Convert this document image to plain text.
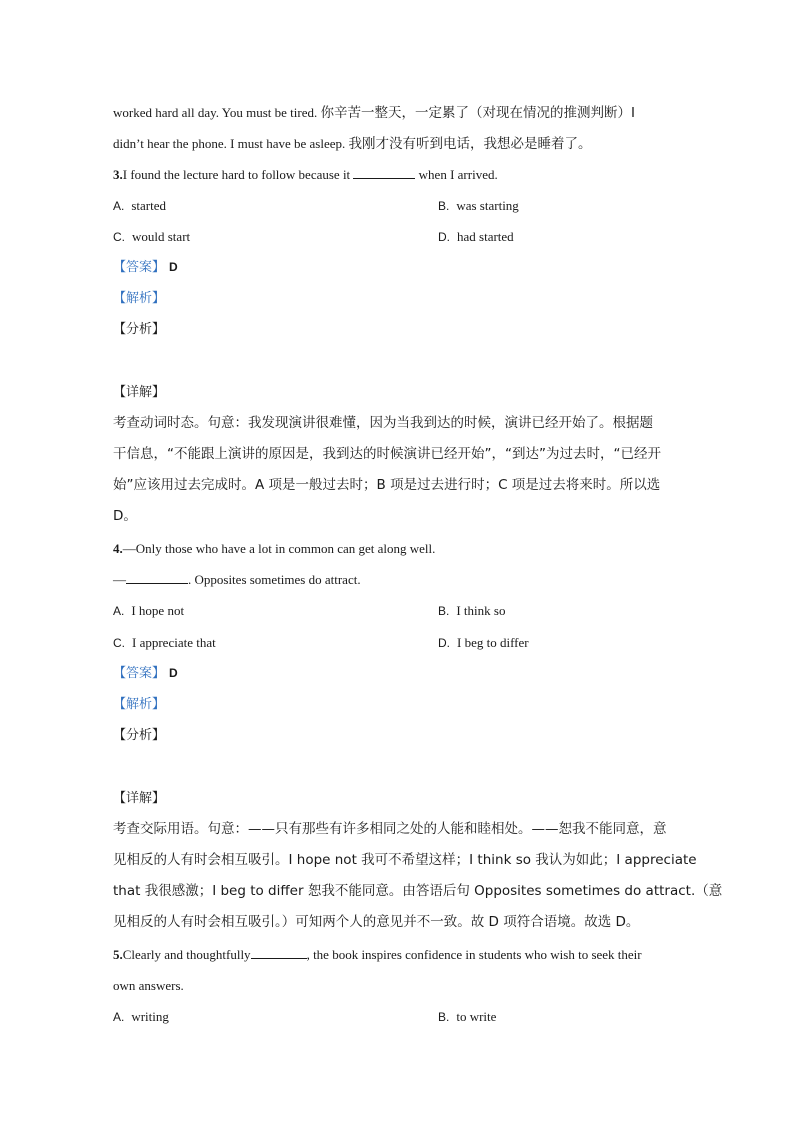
worked hard all day. You must be tired. 你辛苦一整天，一定累了（对现在情况的推测判断）I
didn’t hear the phone. I must have be asleep. 我刚才没有听到电话，我想必是睡着了。
3.I found the lecture hard to follow because it	when I arrived.
A. started	B. was starting
C. would start	D. had started
【答案】 D
【解析】
【分析】
【详解】
考查动词时态。句意：我发现演讲很难懂，因为当我到达的时候，演讲已经开始了。根据题
干信息，“不能跟上演讲的原因是，我到达的时候演讲已经开始”，“到达”为过去时，“已经开
始”应该用过去完成时。A 项是一般过去时；B 项是过去进行时；C 项是过去将来时。所以选
D。
4.—Only those who have a lot in common can get along well.
—	. Opposites sometimes do attract.
A. I hope not	B. I think so
C. I appreciate that	D. I beg to differ
【答案】 D
【解析】
【分析】
【详解】
考查交际用语。句意：——只有那些有许多相同之处的人能和睦相处。——恕我不能同意，意
见相反的人有时会相互吸引。I hope not 我可不希望这样；I think so 我认为如此；I appreciate
that 我很感激；I beg to differ 恕我不能同意。由答语后句 Opposites sometimes do attract.（意
见相反的人有时会相互吸引。）可知两个人的意见并不一致。故 D 项符合语境。故选 D。
5.Clearly and thoughtfully	, the book inspires confidence in students who wish to seek their
own answers.
A. writing	B. to write
